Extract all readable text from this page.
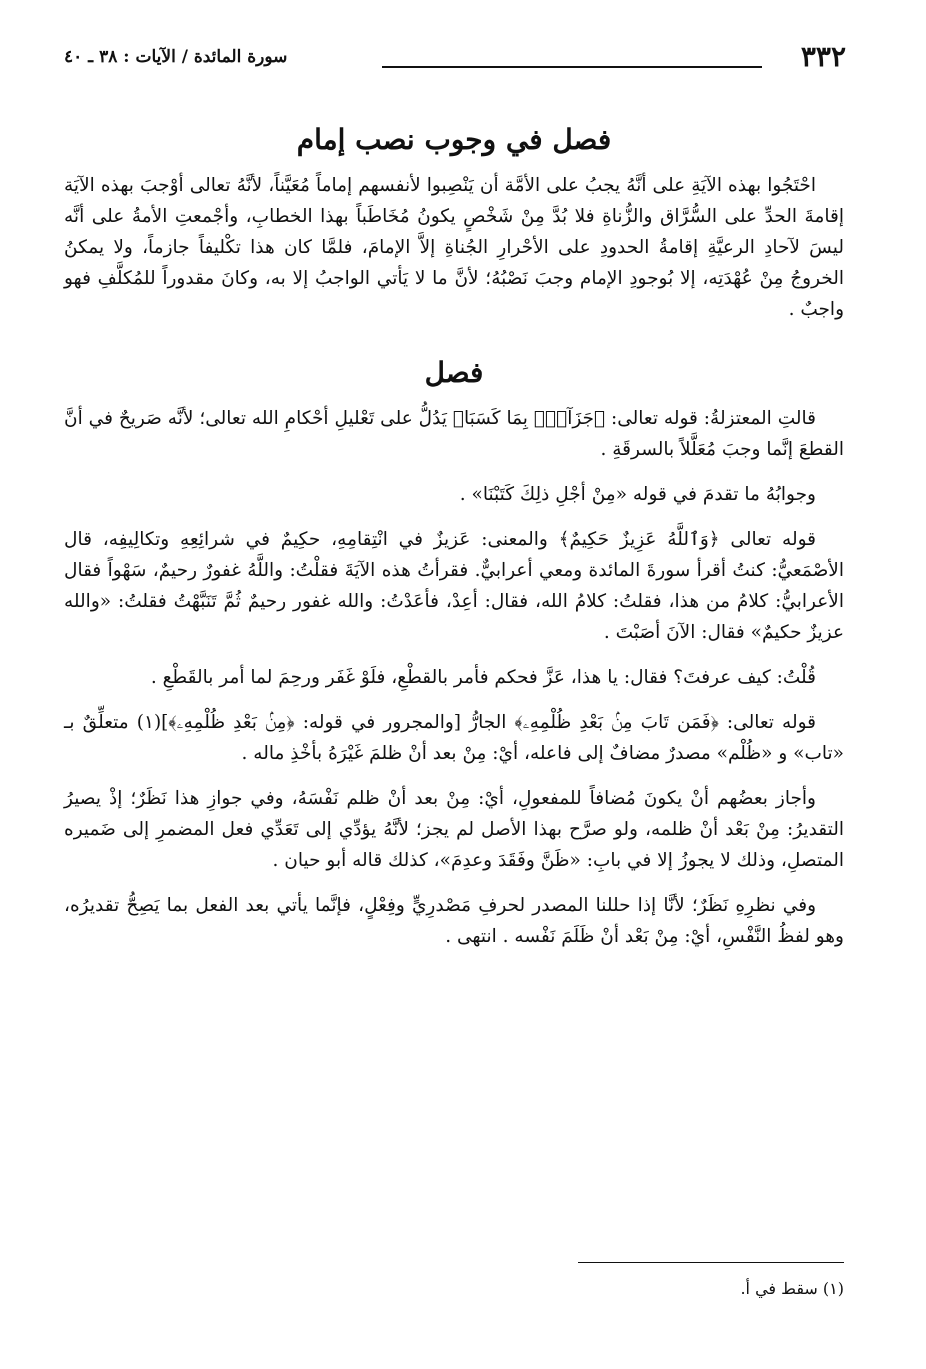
٣٣٢
سورة المائدة / الآيات : ٣٨ ـ ٤٠
فصل في وجوب نصب إمام

احْتَجُوا بهذه الآيَةِ على أنَّهُ يجبُ على الأمَّة أن يَنْصِبوا لأنفسهم إماماً مُعَيَّناً، لأنَّهُ تعالى أوْجبَ بهذه الآيَة إقامةَ الحدِّ على السُّرَّاق والزُّناةِ فلا بُدَّ مِنْ شَخْصٍ يكونُ مُخَاطَباً بهذا الخطابِ، وأجْمعتِ الأمةُ على أنَّه ليسَ لآحادِ الرعيَّةِ إقامةُ الحدودِ على الأحْرارِ الجُناةِ إلاَّ الإمامَ، فلمَّا كان هذا تكْليفاً جازماً، ولا يمكنُ الخروجُ مِنْ عُهْدَتِه، إلا بُوجودِ الإمام وجبَ نَصْبُهُ؛ لأنَّ ما لا يَأتي الواجبُ إلا به، وكانَ مقدوراً للمُكلَّفِ فهو واجبٌ .

فصل

قالتِ المعتزلةُ: قوله تعالى: ﴿جَزَآءَۢ بِمَا كَسَبَا﴾ يَدُلُّ على تَعْليلِ أحْكامِ الله تعالى؛ لأنَّه صَريحٌ في أنَّ القطعَ إنَّما وجبَ مُعَلَّلاً بالسرقَةِ .

وجوابُهُ ما تقدمَ في قوله «مِنْ أجْلِ ذلِكَ كَتَبْنَا» .

قوله تعالى ﴿وَٱللَّهُ عَزِيزٌ حَكِيمٌ﴾ والمعنى: عَزيزٌ في انْتِقامِهِ، حكِيمٌ في شرائِعِهِ وتكالِيفِه، قال الأصْمَعيُّ: كنتُ أقرأ سورةَ المائدة ومعي أعرابيٌّ. فقرأتُ هذه الآيَةَ فقلْتُ: واللَّهُ غفورٌ رحيمٌ، سَهْواً فقال الأعرابيُّ: كلامُ من هذا، فقلتُ: كلامُ الله، فقال: أعِدْ، فأعَدْتُ: والله غفور رحيمٌ ثُمَّ تَنَبَّهْتُ فقلتُ: «والله عزيزٌ حكيمٌ» فقال: الآنَ أصَبْتَ .

قُلْتُ: كيف عرفتَ؟ فقال: يا هذا، عَزَّ فحكم فأمر بالقطْعِ، فلَوْ غَفَر ورحِمَ لما أمر بالقَطْعِ .

قوله تعالى: ﴿فَمَن تَابَ مِنۢ بَعْدِ ظُلْمِهِۦ﴾ الجارُّ [والمجرور في قوله: ﴿مِنۢ بَعْدِ ظُلْمِهِۦ﴾](١) متعلِّقٌ بـ «تاب» و «ظُلْم» مصدرٌ مضافٌ إلى فاعله، أيْ: مِنْ بعد أنْ ظلمَ غَيْرَهُ بأخْذِ ماله .

وأجاز بعضُهم أنْ يكونَ مُضافاً للمفعولِ، أيْ: مِنْ بعد أنْ ظلم نَفْسَهُ، وفي جوازِ هذا نَظَرٌ؛ إذْ يصيرُ التقديرُ: مِنْ بَعْد أنْ ظلمه، ولو صرَّح بهذا الأصل لم يجز؛ لأنَّهُ يؤدِّي إلى تَعَدِّي فعل المضمرِ إلى ضَميره المتصلِ، وذلك لا يجوزُ إلا في بابِ: «ظَنَّ وفَقَدَ وعدِمَ»، كذلك قاله أبو حيان .

وفي نظرِهِ نَظَرٌ؛ لأنَّا إذا حللنا المصدر لحرفِ مَصْدرِيٍّ وفِعْلٍ، فإنَّما يأتي بعد الفعل بما يَصِحُّ تقديرُه، وهو لفظُ النَّفْسِ، أيْ: مِنْ بَعْد أنْ ظَلَمَ نَفْسه . انتهى .

(١) سقط في أ.
